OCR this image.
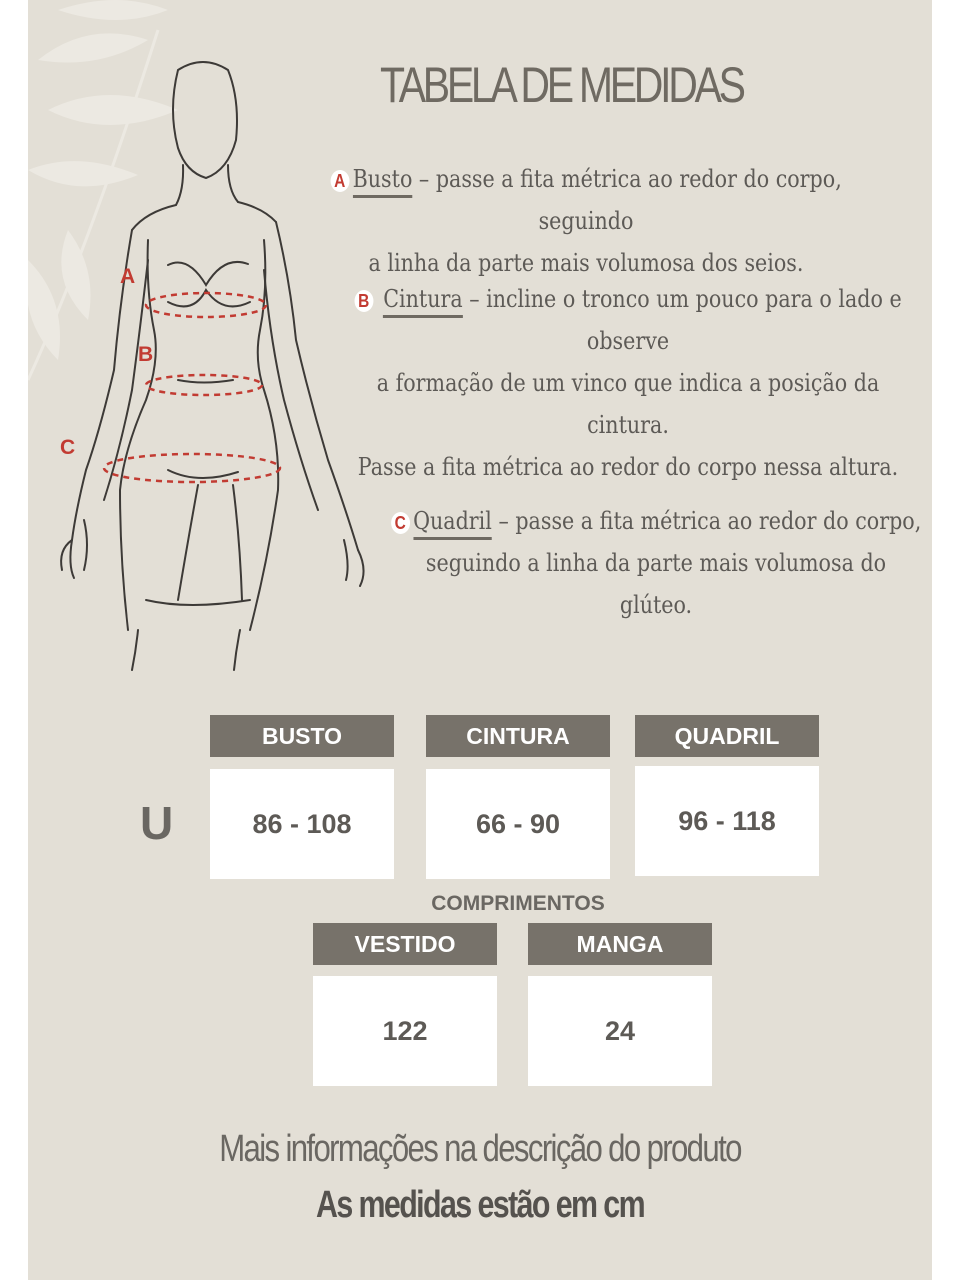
A
B
C
TABELA DE MEDIDAS
A Busto – passe a fita métrica ao redor do corpo, seguindo
a linha da parte mais volumosa dos seios.
B Cintura – incline o tronco um pouco para o lado e
observe
a formação de um vinco que indica a posição da cintura.
Passe a fita métrica ao redor do corpo nessa altura.
C Quadril – passe a fita métrica ao redor do corpo,
seguindo a linha da parte mais volumosa do
glúteo.
U
BUSTO	CINTURA	QUADRIL
86 - 108	66 - 90	96 - 118
COMPRIMENTOS
VESTIDO	MANGA
122	24
Mais informações na descrição do produto
As medidas estão em cm
